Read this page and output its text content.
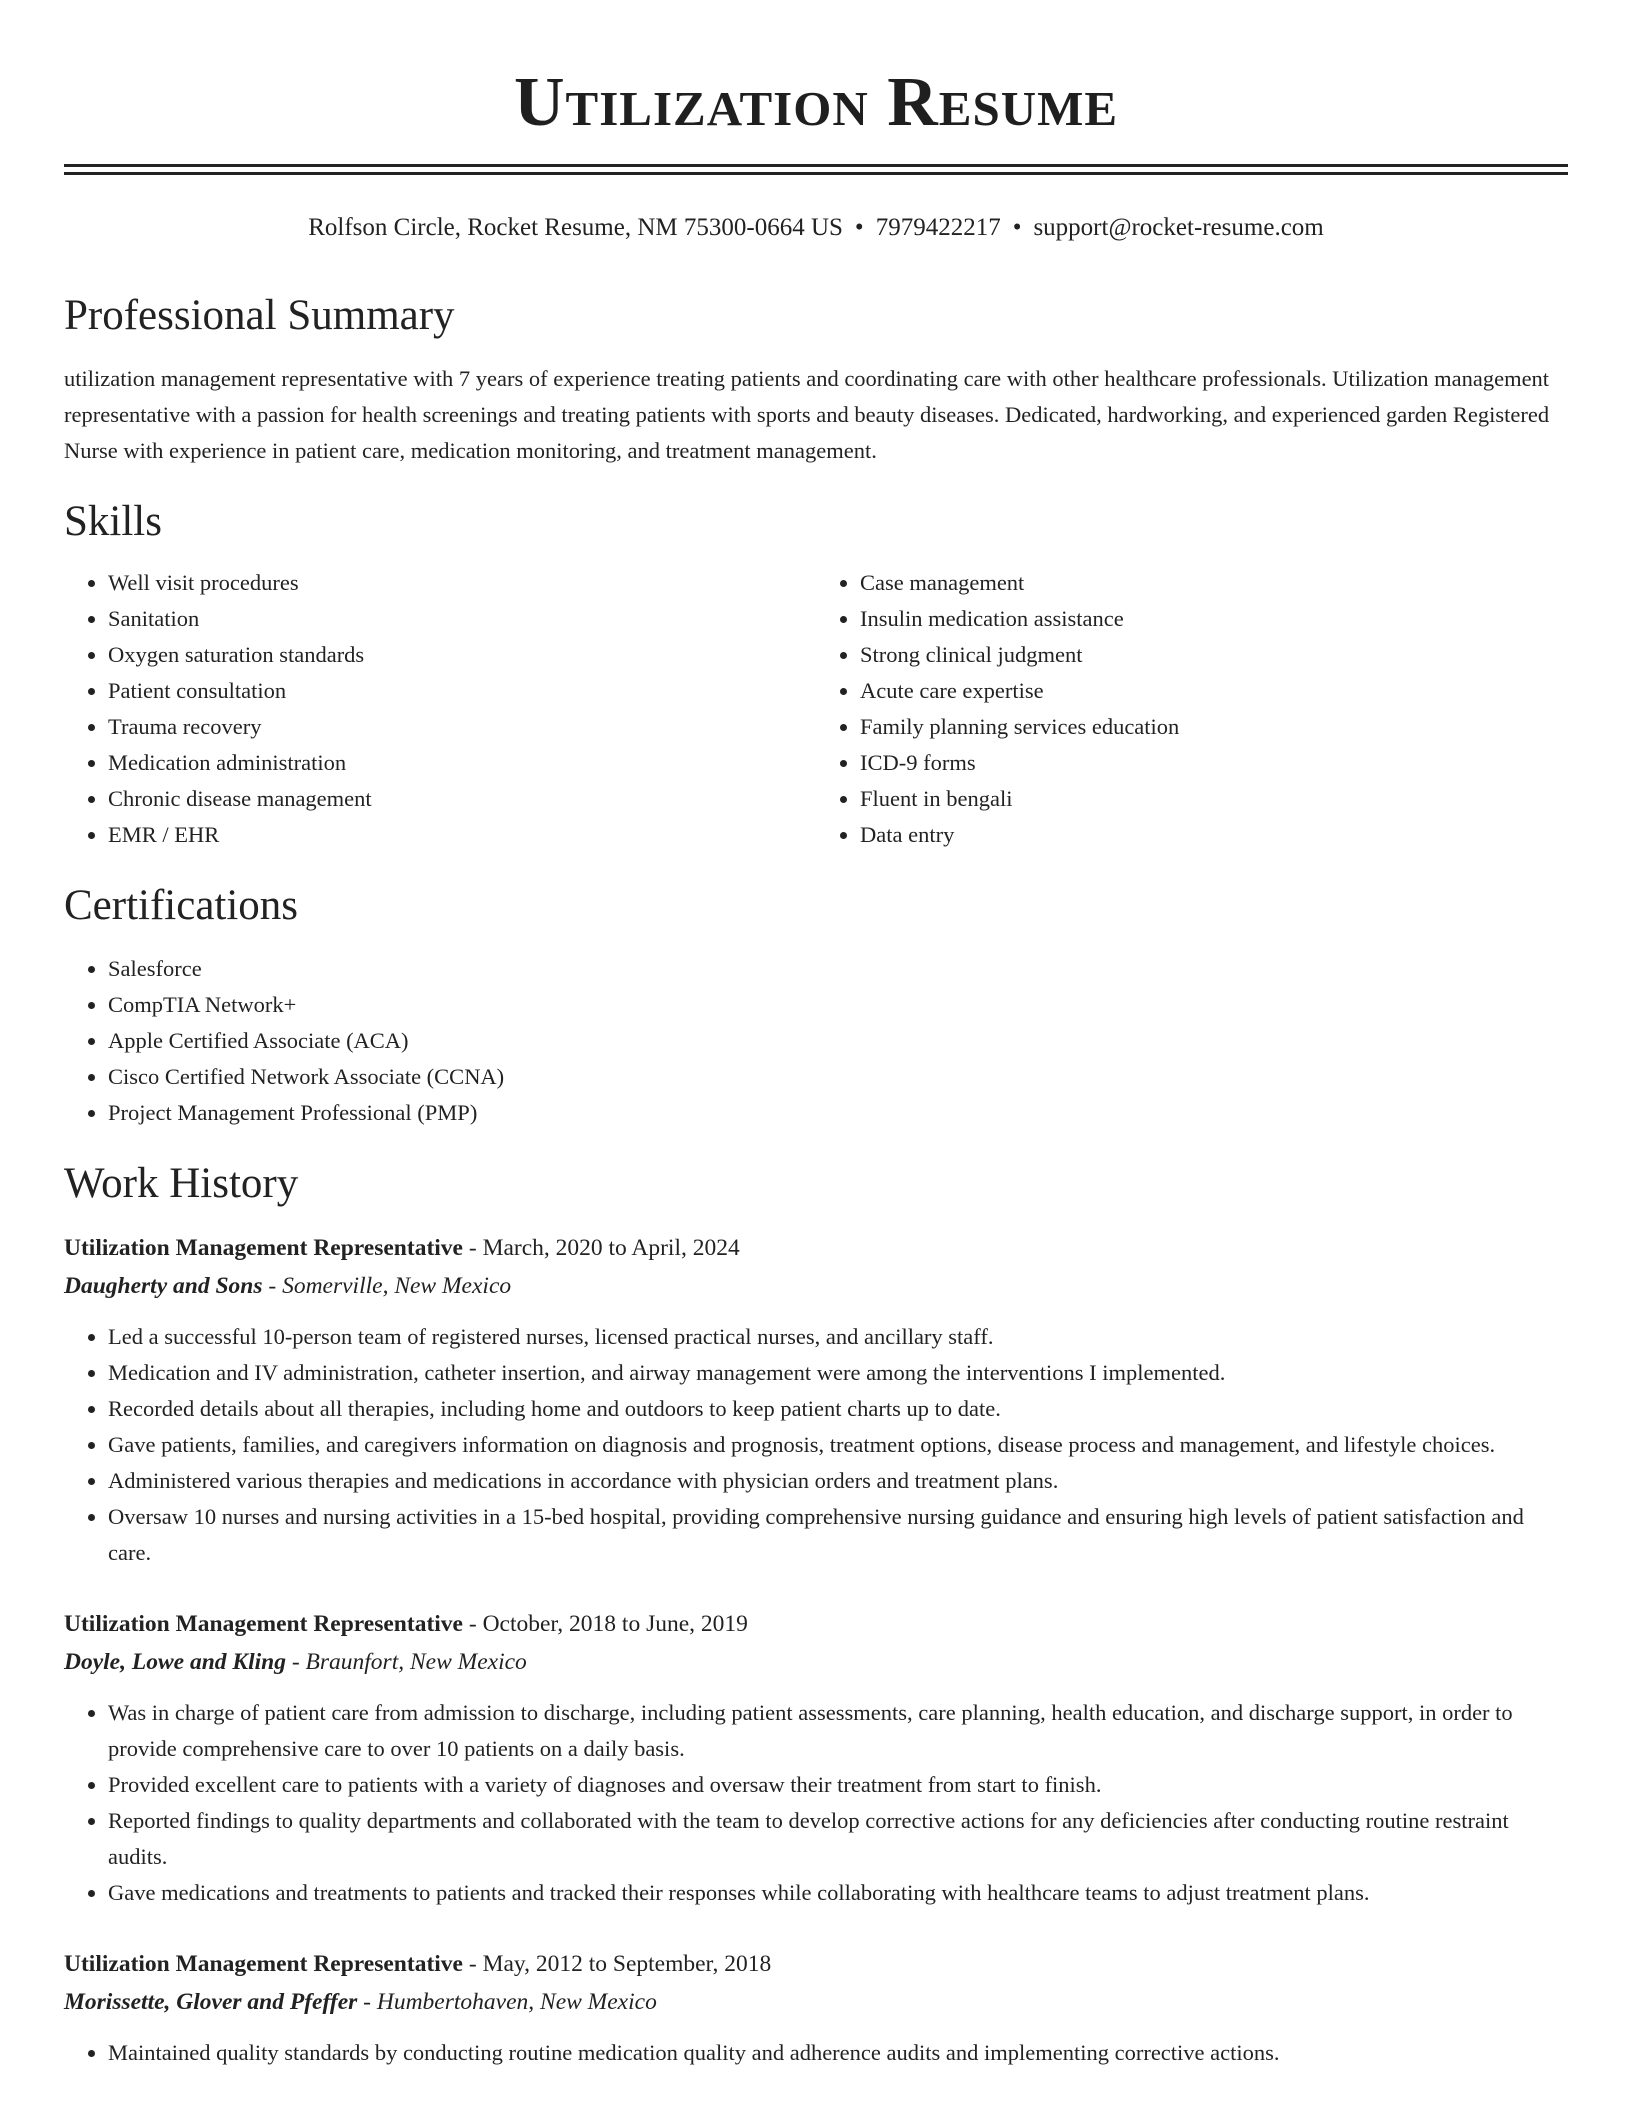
Utilization Resume
Rolfson Circle, Rocket Resume, NM 75300-0664 US • 7979422217 • support@rocket-resume.com
Professional Summary
utilization management representative with 7 years of experience treating patients and coordinating care with other healthcare professionals. Utilization management representative with a passion for health screenings and treating patients with sports and beauty diseases. Dedicated, hardworking, and experienced garden Registered Nurse with experience in patient care, medication monitoring, and treatment management.
Skills
• Well visit procedures
• Sanitation
• Oxygen saturation standards
• Patient consultation
• Trauma recovery
• Medication administration
• Chronic disease management
• EMR / EHR
• Case management
• Insulin medication assistance
• Strong clinical judgment
• Acute care expertise
• Family planning services education
• ICD-9 forms
• Fluent in bengali
• Data entry
Certifications
• Salesforce
• CompTIA Network+
• Apple Certified Associate (ACA)
• Cisco Certified Network Associate (CCNA)
• Project Management Professional (PMP)
Work History
Utilization Management Representative - March, 2020 to April, 2024
Daugherty and Sons - Somerville, New Mexico
• Led a successful 10-person team of registered nurses, licensed practical nurses, and ancillary staff.
• Medication and IV administration, catheter insertion, and airway management were among the interventions I implemented.
• Recorded details about all therapies, including home and outdoors to keep patient charts up to date.
• Gave patients, families, and caregivers information on diagnosis and prognosis, treatment options, disease process and management, and lifestyle choices.
• Administered various therapies and medications in accordance with physician orders and treatment plans.
• Oversaw 10 nurses and nursing activities in a 15-bed hospital, providing comprehensive nursing guidance and ensuring high levels of patient satisfaction and care.
Utilization Management Representative - October, 2018 to June, 2019
Doyle, Lowe and Kling - Braunfort, New Mexico
• Was in charge of patient care from admission to discharge, including patient assessments, care planning, health education, and discharge support, in order to provide comprehensive care to over 10 patients on a daily basis.
• Provided excellent care to patients with a variety of diagnoses and oversaw their treatment from start to finish.
• Reported findings to quality departments and collaborated with the team to develop corrective actions for any deficiencies after conducting routine restraint audits.
• Gave medications and treatments to patients and tracked their responses while collaborating with healthcare teams to adjust treatment plans.
Utilization Management Representative - May, 2012 to September, 2018
Morissette, Glover and Pfeffer - Humbertohaven, New Mexico
• Maintained quality standards by conducting routine medication quality and adherence audits and implementing corrective actions.
